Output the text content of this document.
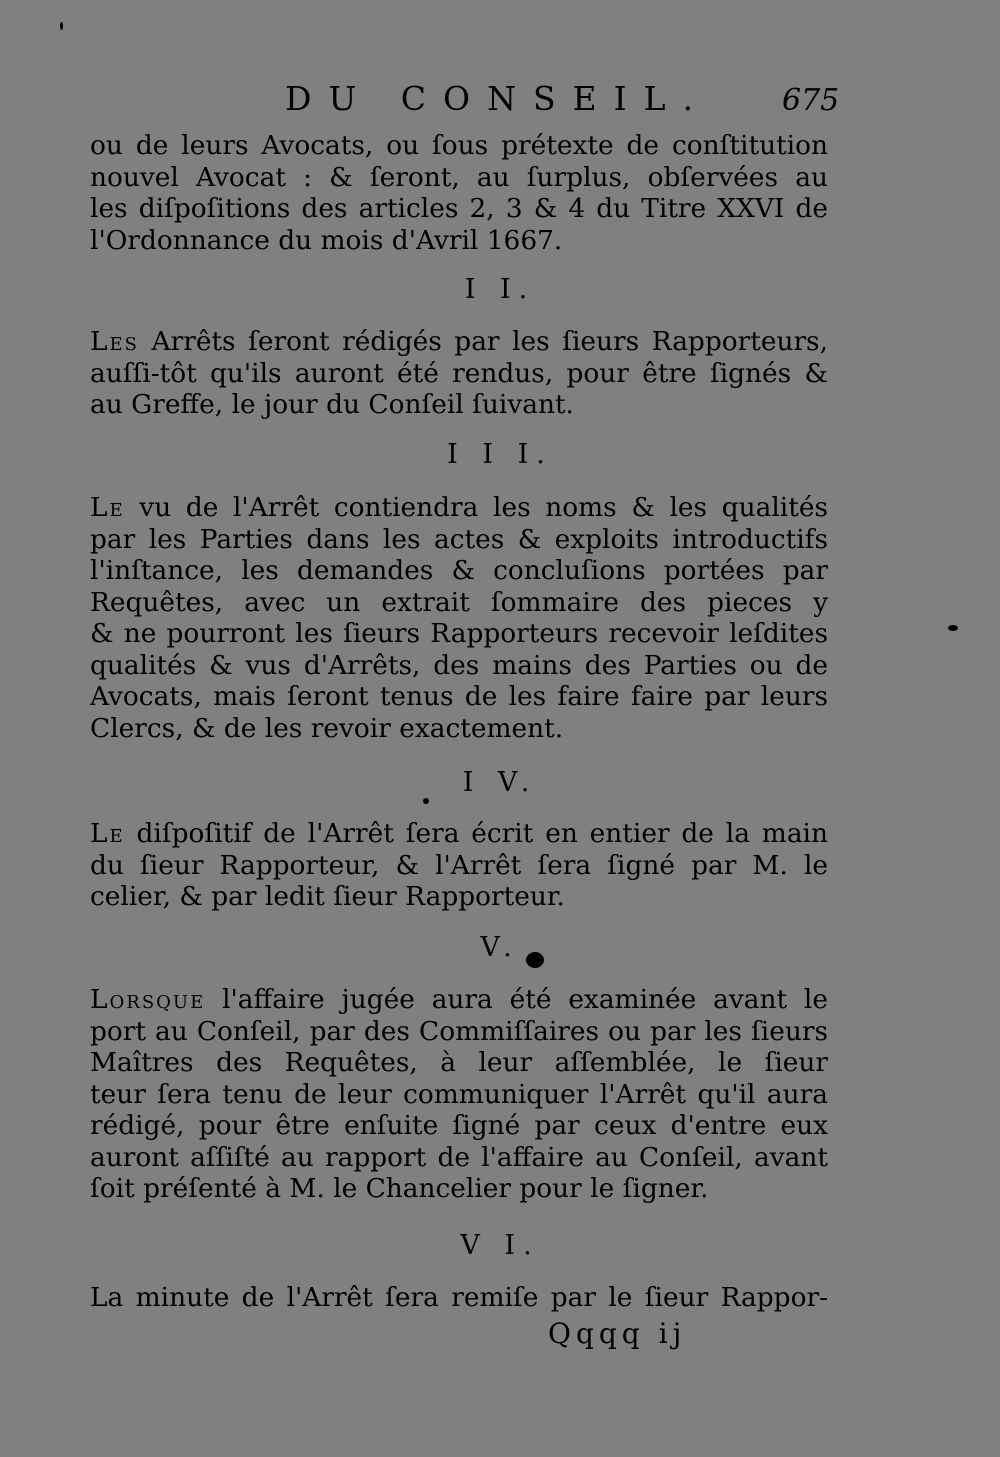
DU CONSEIL. 675
ou de leurs Avocats, ou ſous prétexte de conſtitution
nouvel Avocat : & ſeront, au ſurplus, obſervées au
les diſpoſitions des articles 2, 3 & 4 du Titre XXVI de
l'Ordonnance du mois d'Avril 1667.
I I.
Les Arrêts ſeront rédigés par les ſieurs Rapporteurs,
auſſi-tôt qu'ils auront été rendus, pour être ſignés &
au Greffe, le jour du Conſeil ſuivant.
I I I.
Le vu de l'Arrêt contiendra les noms & les qualités
par les Parties dans les actes & exploits introductifs
l'inſtance, les demandes & concluſions portées par
Requêtes, avec un extrait ſommaire des pieces y
& ne pourront les ſieurs Rapporteurs recevoir leſdites
qualités & vus d'Arrêts, des mains des Parties ou de
Avocats, mais ſeront tenus de les faire faire par leurs
Clercs, & de les revoir exactement.
I V.
Le diſpoſitif de l'Arrêt ſera écrit en entier de la main
du ſieur Rapporteur, & l'Arrêt ſera ſigné par M. le
celier, & par ledit ſieur Rapporteur.
V.
Lorsque l'affaire jugée aura été examinée avant le
port au Conſeil, par des Commiſſaires ou par les ſieurs
Maîtres des Requêtes, à leur aſſemblée, le ſieur
teur ſera tenu de leur communiquer l'Arrêt qu'il aura
rédigé, pour être enſuite ſigné par ceux d'entre eux
auront aſſiſté au rapport de l'affaire au Conſeil, avant
ſoit préſenté à M. le Chancelier pour le ſigner.
V I.
La minute de l'Arrêt ſera remiſe par le ſieur Rappor-
Qqqq ij
